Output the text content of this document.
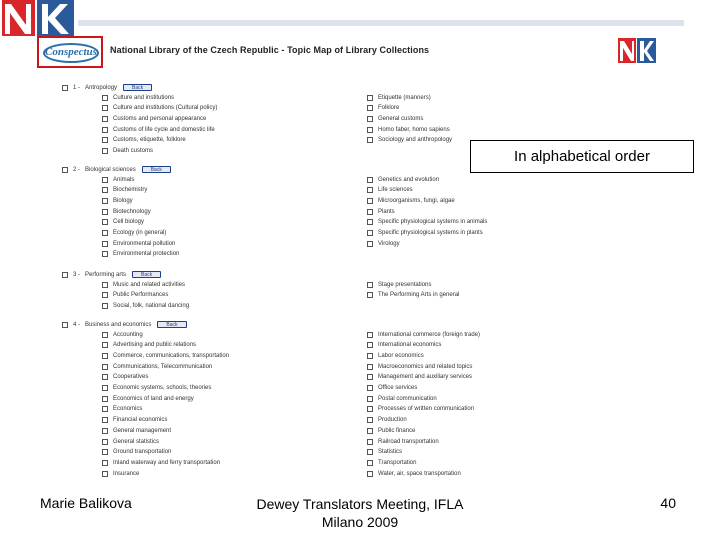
Conspectus National Library of the Czech Republic - Topic Map of Library Collections
1 - Antropology	Back
Culture and institutions
Culture and institutions (Cultural policy)
Customs and personal appearance
Customs of life cycle and domestic life
Customs, etiquette, folklore
Death customs
Etiquette (manners)
Folklore
General customs
Homo faber, homo sapiens
Sociology and anthropology
2 - Biological sciences	Back
Animals
Biochemistry
Biology
Biotechnology
Cell biology
Ecology (in general)
Environmental pollution
Environmental protection
Genetics and evolution
Life sciences
Microorganisms, fungi, algae
Plants
Specific physiological systems in animals
Specific physiological systems in plants
Virology
3 - Performing arts	Back
Music and related activities
Public Performances
Social, folk, national dancing
Stage presentations
The Performing Arts in general
4 - Business and economics	Back
Accounting
Advertising and public relations
Commerce, communications, transportation
Communications, Telecommunication
Cooperatives
Economic systems, schools, theories
Economics of land and energy
Economics
Financial economics
General management
General statistics
Ground transportation
Inland waterway and ferry transportation
Insurance
International commerce (foreign trade)
International economics
Labor economics
Macroeconomics and related topics
Management and auxiliary services
Office services
Postal communication
Processes of written communication
Production
Public finance
Railroad transportation
Statistics
Transportation
Water, air, space transportation
In alphabetical order
Marie Balikova	Dewey Translators Meeting, IFLA
Milano 2009
40
